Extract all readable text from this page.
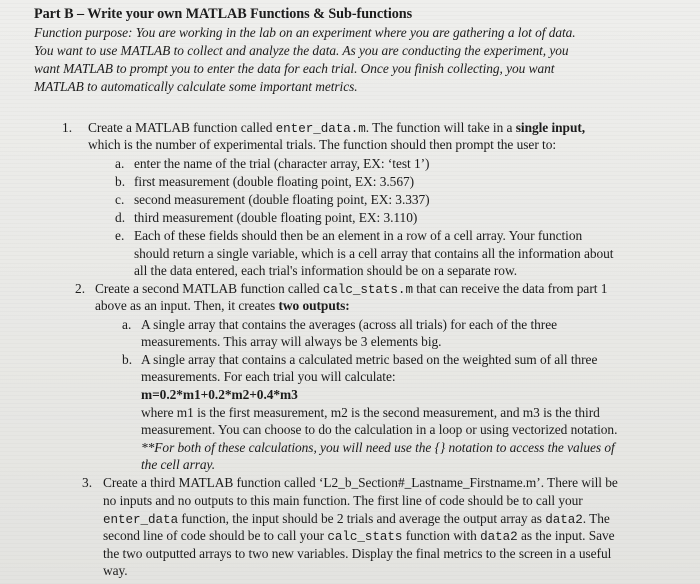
Part B – Write your own MATLAB Functions & Sub-functions
Function purpose: You are working in the lab on an experiment where you are gathering a lot of data.
You want to use MATLAB to collect and analyze the data. As you are conducting the experiment, you
want MATLAB to prompt you to enter the data for each trial. Once you finish collecting, you want
MATLAB to automatically calculate some important metrics.
1. Create a MATLAB function called enter_data.m. The function will take in a single input,
which is the number of experimental trials. The function should then prompt the user to:
a. enter the name of the trial (character array, EX: ‘test 1’)
b. first measurement (double floating point, EX: 3.567)
c. second measurement (double floating point, EX: 3.337)
d. third measurement (double floating point, EX: 3.110)
e. Each of these fields should then be an element in a row of a cell array. Your function
should return a single variable, which is a cell array that contains all the information about
all the data entered, each trial's information should be on a separate row.
2. Create a second MATLAB function called calc_stats.m that can receive the data from part 1
above as an input. Then, it creates two outputs:
a. A single array that contains the averages (across all trials) for each of the three
measurements. This array will always be 3 elements big.
b. A single array that contains a calculated metric based on the weighted sum of all three
measurements. For each trial you will calculate:
m=0.2*m1+0.2*m2+0.4*m3
where m1 is the first measurement, m2 is the second measurement, and m3 is the third
measurement. You can choose to do the calculation in a loop or using vectorized notation.
**For both of these calculations, you will need use the {} notation to access the values of
the cell array.
3. Create a third MATLAB function called ‘L2_b_Section#_Lastname_Firstname.m’. There will be
no inputs and no outputs to this main function. The first line of code should be to call your
enter_data function, the input should be 2 trials and average the output array as data2. The
second line of code should be to call your calc_stats function with data2 as the input. Save
the two outputted arrays to two new variables. Display the final metrics to the screen in a useful
way.
